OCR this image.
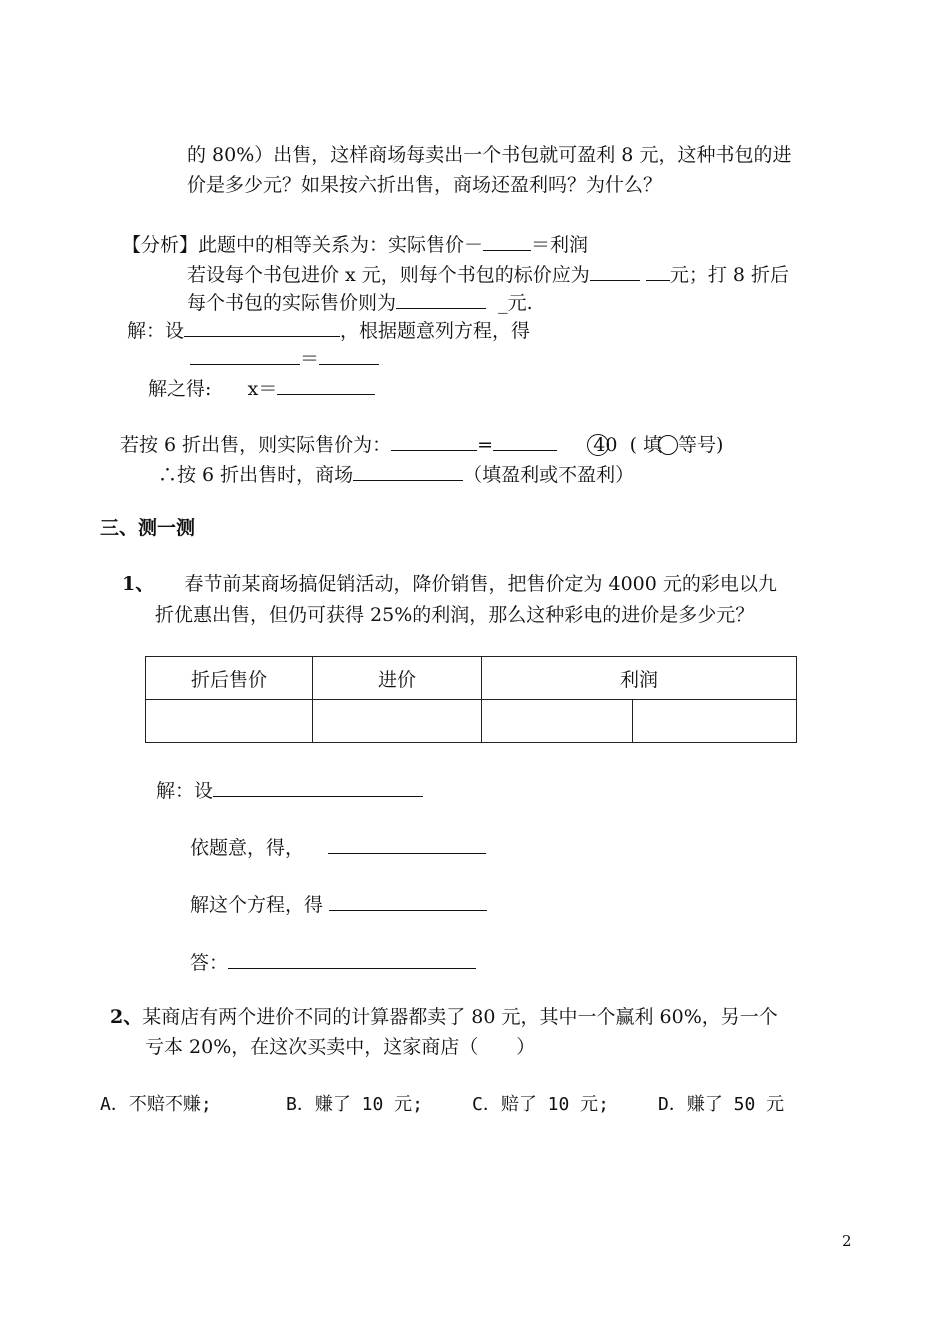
的 80%）出售，这样商场每卖出一个书包就可盈利 8 元，这种书包的进
价是多少元？如果按六折出售，商场还盈利吗？为什么？
【分析】此题中的相等关系为：实际售价－	＝利润
若设每个书包进价 x 元，则每个书包的标价应为	元；打 8 折后
每个书包的实际售价则为	_元.
解：设	，根据题意列方程，得
＝
解之得: x＝
若按 6 折出售，则实际售价为：	=	40 ( 填 等号)
∴按 6 折出售时，商场	（填盈利或不盈利）
三、测一测
1、 春节前某商场搞促销活动，降价销售，把售价定为 4000 元的彩电以九
折优惠出售，但仍可获得 25%的利润，那么这种彩电的进价是多少元？
折后售价	进价	利润	

解：设
依题意，得，
解这个方程，得
答：
2、某商店有两个进价不同的计算器都卖了 80 元，其中一个赢利 60%，另一个
亏本 20%，在这次买卖中，这家商店（　　）
A．不赔不赚;	B．赚了 10 元;	C．赔了 10 元;	D．赚了 50 元
2
